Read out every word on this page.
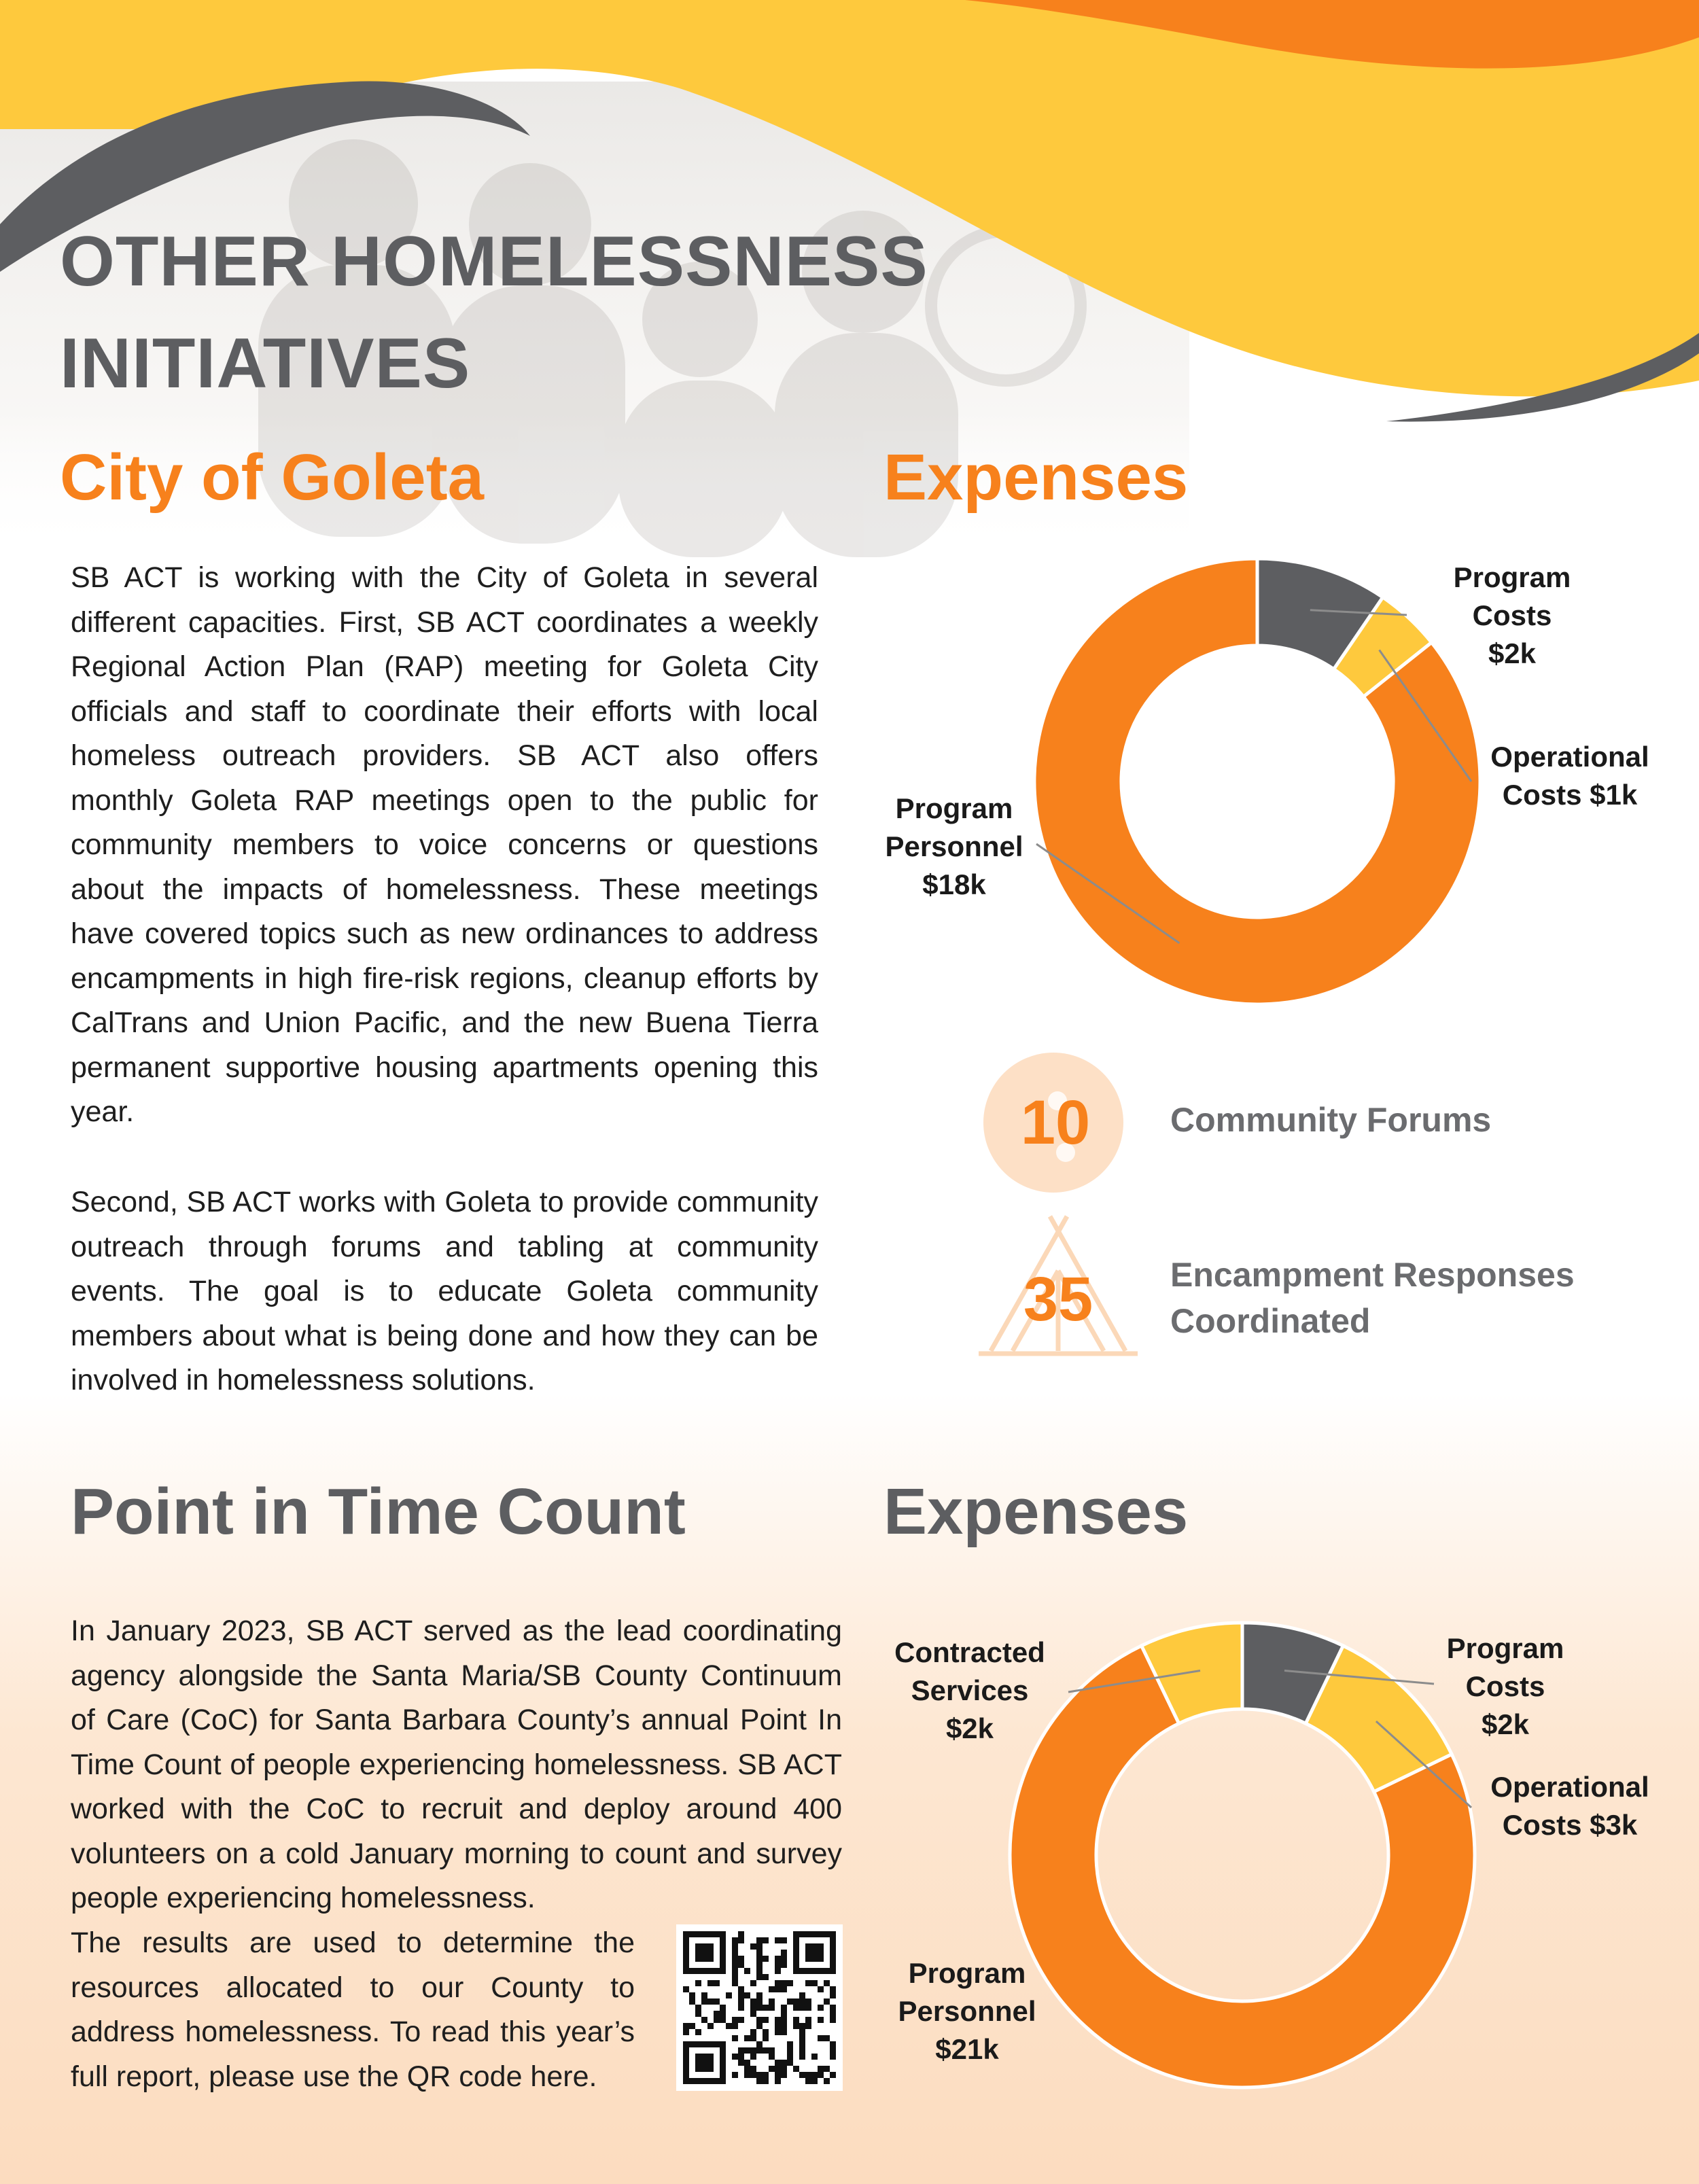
OTHER HOMELESSNESS INITIATIVES
City of Goleta

SB ACT is working with the City of Goleta in several different capacities. First, SB ACT coordinates a weekly Regional Action Plan (RAP) meeting for Goleta City officials and staff to coordinate their efforts with local homeless outreach providers. SB ACT also offers monthly Goleta RAP meetings open to the public for community members to voice concerns or questions about the impacts of homelessness. These meetings have covered topics such as new ordinances to address encampments in high fire-risk regions, cleanup efforts by CalTrans and Union Pacific, and the new Buena Tierra permanent supportive housing apartments opening this year.

Second, SB ACT works with Goleta to provide community outreach through forums and tabling at community events. The goal is to educate Goleta community members about what is being done and how they can be involved in homelessness solutions.

Expenses
Program
Costs
$2k
Operational
Costs $1k
Program
Personnel
$18k
10	Community Forums

35	Encampment Responses Coordinated

Point in Time Count

In January 2023, SB ACT served as the lead coordinating agency alongside the Santa Maria/SB County Continuum of Care (CoC) for Santa Barbara County’s annual Point In Time Count of people experiencing homelessness. SB ACT worked with the CoC to recruit and deploy around 400 volunteers on a cold January morning to count and survey people experiencing homelessness.

The results are used to determine the resources allocated to our County to address homelessness. To read this year’s full report, please use the QR code here.

Expenses
Contracted
Services
$2k
Program
Costs
$2k
Operational
Costs $3k
Program
Personnel
$21k
